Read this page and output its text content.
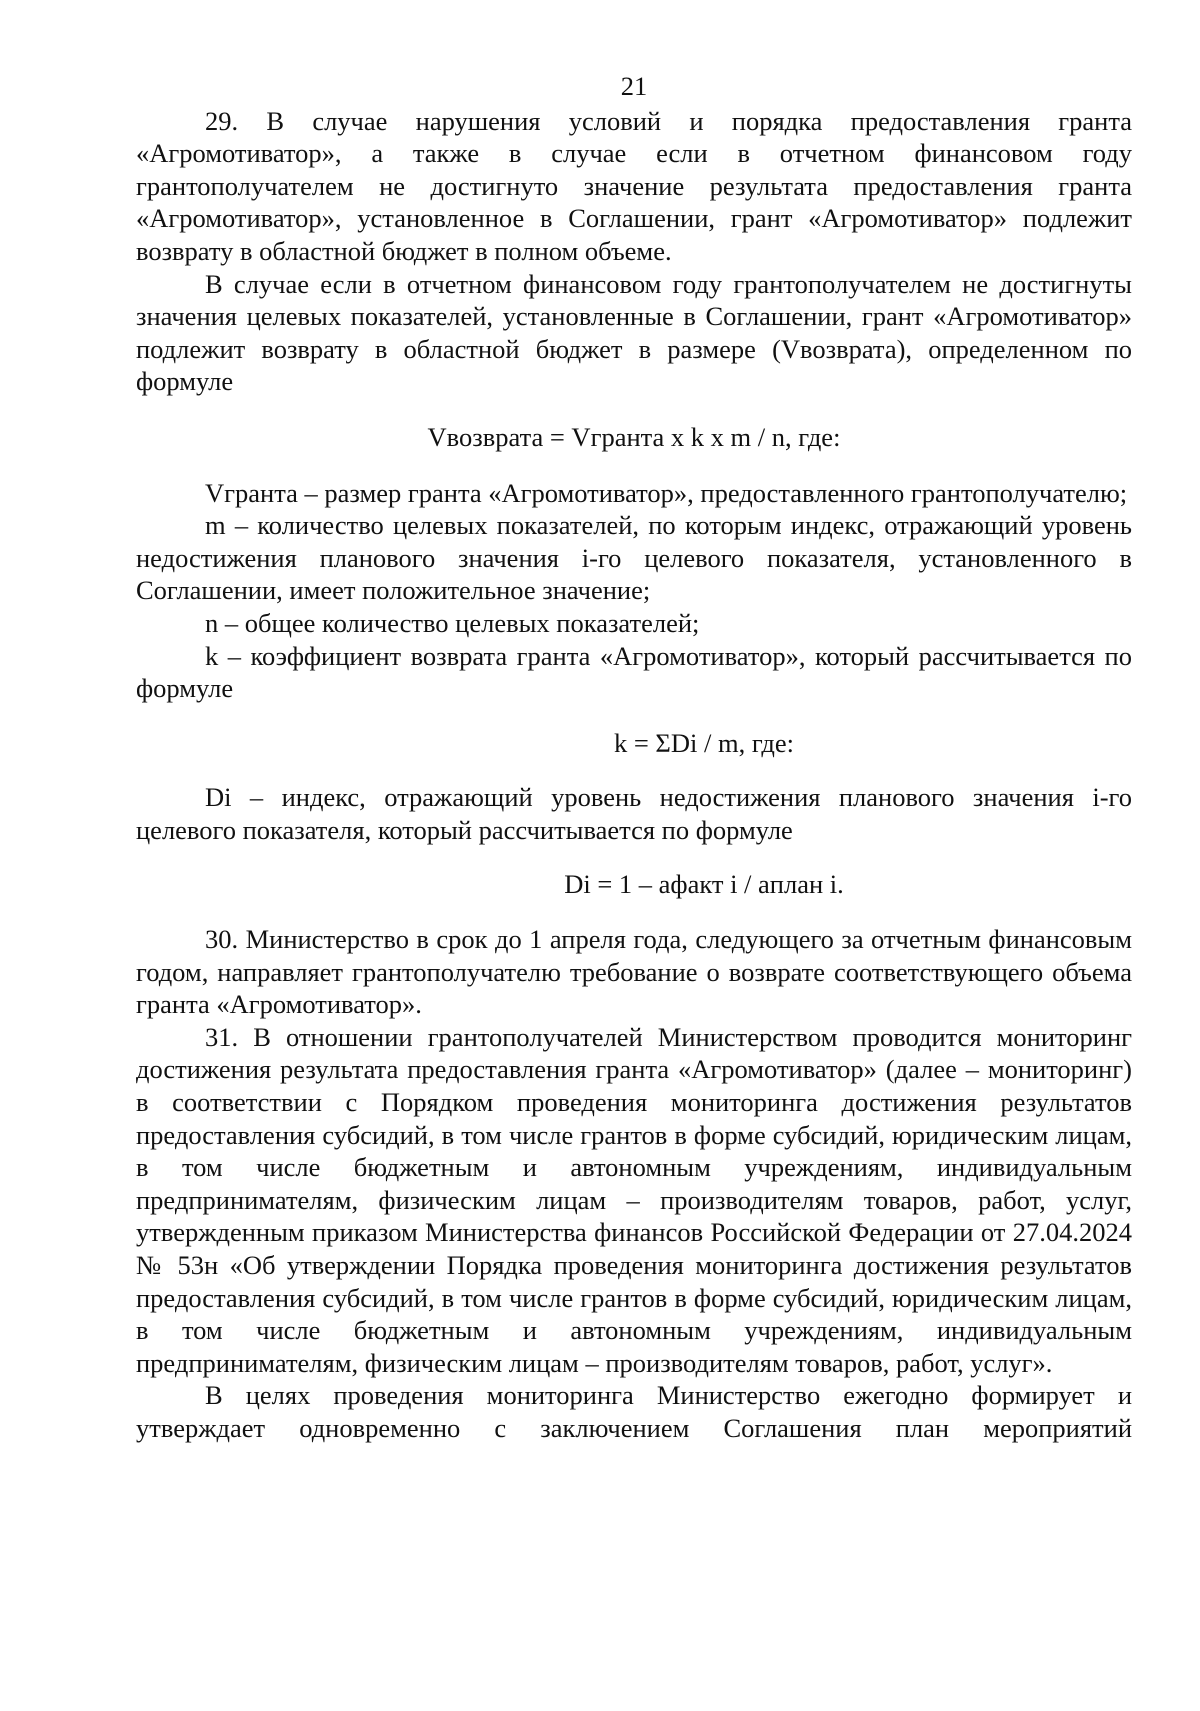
21

29. В случае нарушения условий и порядка предоставления гранта «Агромотиватор», а также в случае если в отчетном финансовом году грантополучателем не достигнуто значение результата предоставления гранта «Агромотиватор», установленное в Соглашении, грант «Агромотиватор» подлежит возврату в областной бюджет в полном объеме.

В случае если в отчетном финансовом году грантополучателем не достигнуты значения целевых показателей, установленные в Соглашении, грант «Агромотиватор» подлежит возврату в областной бюджет в размере (Vвозврата), определенном по формуле

Vвозврата = Vгранта x k x m / n, где:

Vгранта – размер гранта «Агромотиватор», предоставленного грантополучателю;

m – количество целевых показателей, по которым индекс, отражающий уровень недостижения планового значения i-го целевого показателя, установленного в Соглашении, имеет положительное значение;

n – общее количество целевых показателей;

k – коэффициент возврата гранта «Агромотиватор», который рассчитывается по формуле

k = ΣDi / m, где:

Di – индекс, отражающий уровень недостижения планового значения i-го целевого показателя, который рассчитывается по формуле

Di = 1 – aфакт i / aплан i.

30. Министерство в срок до 1 апреля года, следующего за отчетным финансовым годом, направляет грантополучателю требование о возврате соответствующего объема гранта «Агромотиватор».

31. В отношении грантополучателей Министерством проводится мониторинг достижения результата предоставления гранта «Агромотиватор» (далее – мониторинг) в соответствии с Порядком проведения мониторинга достижения результатов предоставления субсидий, в том числе грантов в форме субсидий, юридическим лицам, в том числе бюджетным и автономным учреждениям, индивидуальным предпринимателям, физическим лицам – производителям товаров, работ, услуг, утвержденным приказом Министерства финансов Российской Федерации от 27.04.2024 № 53н «Об утверждении Порядка проведения мониторинга достижения результатов предоставления субсидий, в том числе грантов в форме субсидий, юридическим лицам, в том числе бюджетным и автономным учреждениям, индивидуальным предпринимателям, физическим лицам – производителям товаров, работ, услуг».

В целях проведения мониторинга Министерство ежегодно формирует и утверждает одновременно с заключением Соглашения план мероприятий
